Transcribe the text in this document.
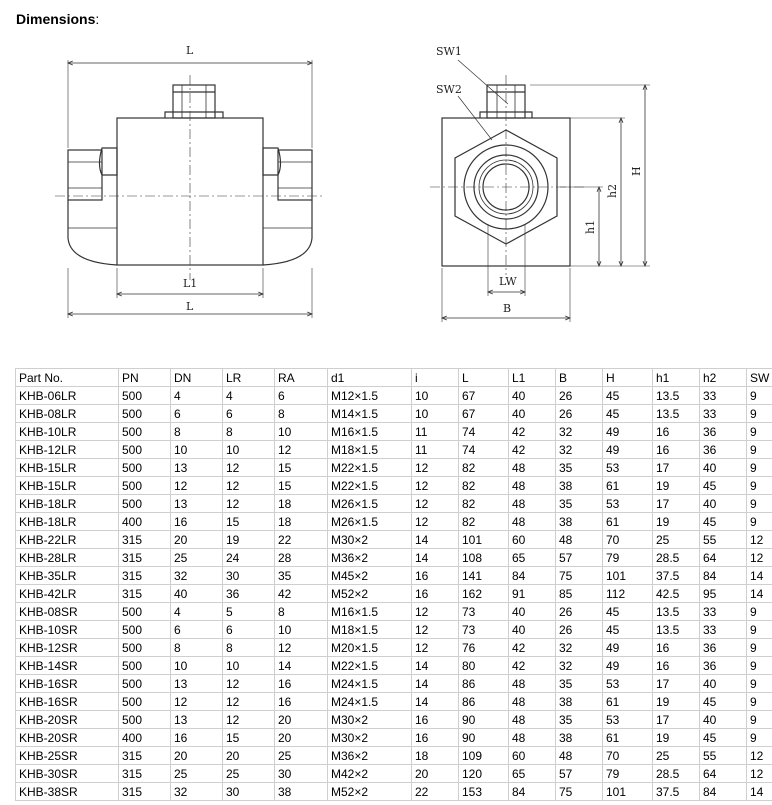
Dimensions:
L
L1
L
SW1
SW2
H
h2
h1
LW
B
Part No.	PN	DN	LR	RA	d1	i	L	L1	B	H	h1	h2	SW
KHB-06LR	500	4	4	6	M12×1.5	10	67	40	26	45	13.5	33	9
KHB-08LR	500	6	6	8	M14×1.5	10	67	40	26	45	13.5	33	9
KHB-10LR	500	8	8	10	M16×1.5	11	74	42	32	49	16	36	9
KHB-12LR	500	10	10	12	M18×1.5	11	74	42	32	49	16	36	9
KHB-15LR	500	13	12	15	M22×1.5	12	82	48	35	53	17	40	9
KHB-15LR	500	12	12	15	M22×1.5	12	82	48	38	61	19	45	9
KHB-18LR	500	13	12	18	M26×1.5	12	82	48	35	53	17	40	9
KHB-18LR	400	16	15	18	M26×1.5	12	82	48	38	61	19	45	9
KHB-22LR	315	20	19	22	M30×2	14	101	60	48	70	25	55	12
KHB-28LR	315	25	24	28	M36×2	14	108	65	57	79	28.5	64	12
KHB-35LR	315	32	30	35	M45×2	16	141	84	75	101	37.5	84	14
KHB-42LR	315	40	36	42	M52×2	16	162	91	85	112	42.5	95	14
KHB-08SR	500	4	5	8	M16×1.5	12	73	40	26	45	13.5	33	9
KHB-10SR	500	6	6	10	M18×1.5	12	73	40	26	45	13.5	33	9
KHB-12SR	500	8	8	12	M20×1.5	12	76	42	32	49	16	36	9
KHB-14SR	500	10	10	14	M22×1.5	14	80	42	32	49	16	36	9
KHB-16SR	500	13	12	16	M24×1.5	14	86	48	35	53	17	40	9
KHB-16SR	500	12	12	16	M24×1.5	14	86	48	38	61	19	45	9
KHB-20SR	500	13	12	20	M30×2	16	90	48	35	53	17	40	9
KHB-20SR	400	16	15	20	M30×2	16	90	48	38	61	19	45	9
KHB-25SR	315	20	20	25	M36×2	18	109	60	48	70	25	55	12
KHB-30SR	315	25	25	30	M42×2	20	120	65	57	79	28.5	64	12
KHB-38SR	315	32	30	38	M52×2	22	153	84	75	101	37.5	84	14
